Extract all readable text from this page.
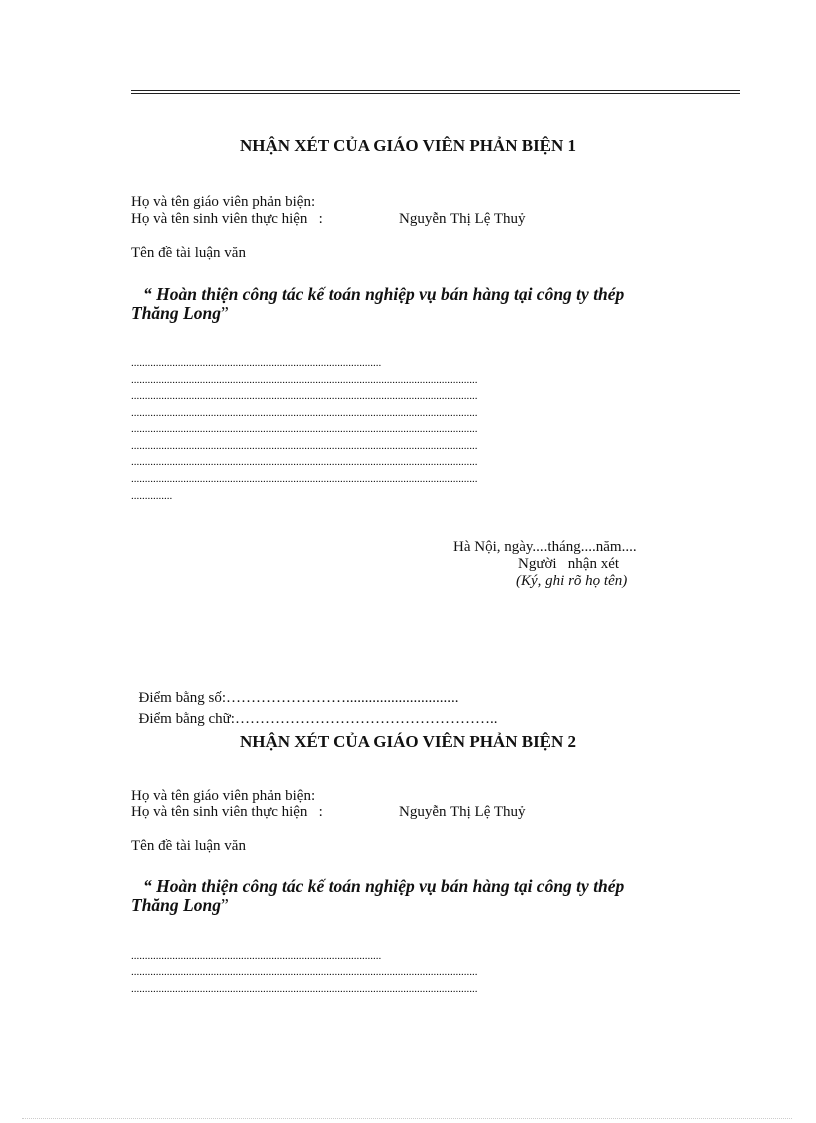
NHẬN XÉT CỦA GIÁO VIÊN PHẢN BIỆN 1
Họ và tên giáo viên phản biện:
Họ và tên sinh viên thực hiện   :	Nguyễn Thị Lệ Thuỷ
Tên đề tài luận văn
“ Hoàn thiện công tác kế toán nghiệp vụ bán hàng tại công ty thép
Thăng Long”
...........................................................................................
..............................................................................................................................
..............................................................................................................................
..............................................................................................................................
..............................................................................................................................
..............................................................................................................................
..............................................................................................................................
..............................................................................................................................
...............
Hà Nội, ngày....tháng....năm....
Người   nhận xét
(Ký, ghi rõ họ tên)

Điểm bằng số:……………………..............................

Điểm bằng chữ:……………………………………………..

NHẬN XÉT CỦA GIÁO VIÊN PHẢN BIỆN 2
Họ và tên giáo viên phản biện:
Họ và tên sinh viên thực hiện   :	Nguyễn Thị Lệ Thuỷ
Tên đề tài luận văn
“ Hoàn thiện công tác kế toán nghiệp vụ bán hàng tại công ty thép
Thăng Long”
...........................................................................................
..............................................................................................................................
..............................................................................................................................
